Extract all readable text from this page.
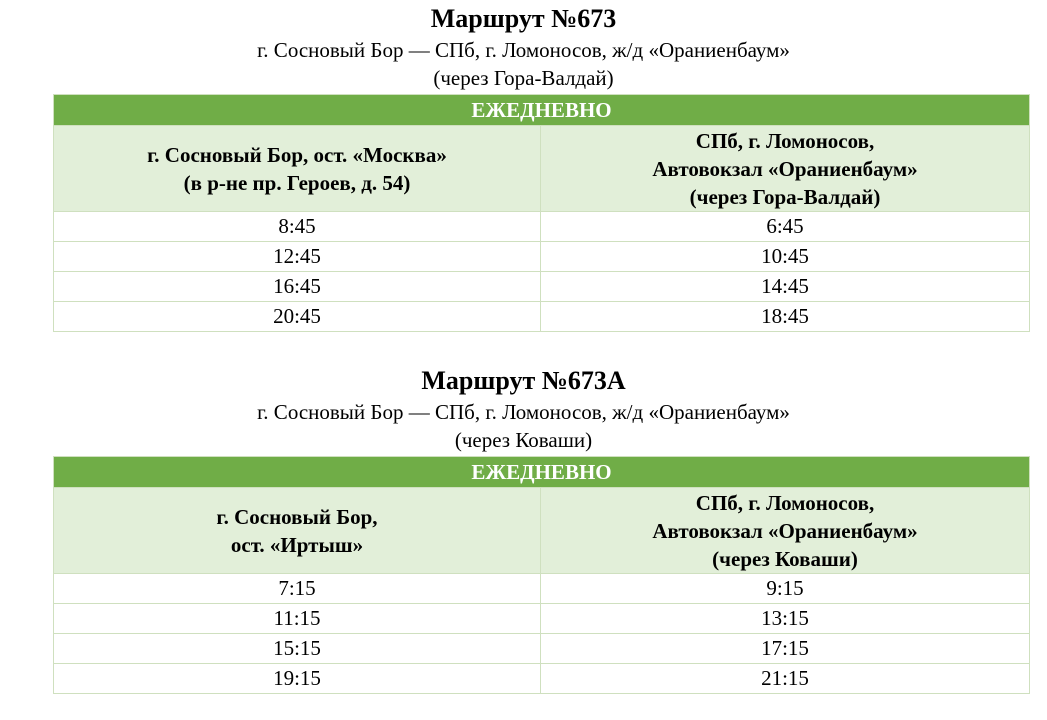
Маршрут №673
г. Сосновый Бор — СПб, г. Ломоносов, ж/д «Ораниенбаум»
(через Гора-Валдай)
ЕЖЕДНЕВНО	

г. Сосновый Бор, ост. «Москва»
(в р-не пр. Героев, д. 54)	СПб, г. Ломоносов,
Автовокзал «Ораниенбаум»
(через Гора-Валдай)

8:45	6:45
12:45	10:45
16:45	14:45
20:45	18:45
Маршрут №673А
г. Сосновый Бор — СПб, г. Ломоносов, ж/д «Ораниенбаум»
(через Коваши)
ЕЖЕДНЕВНО	

г. Сосновый Бор,
ост. «Иртыш»	СПб, г. Ломоносов,
Автовокзал «Ораниенбаум»
(через Коваши)

7:15	9:15
11:15	13:15
15:15	17:15
19:15	21:15
